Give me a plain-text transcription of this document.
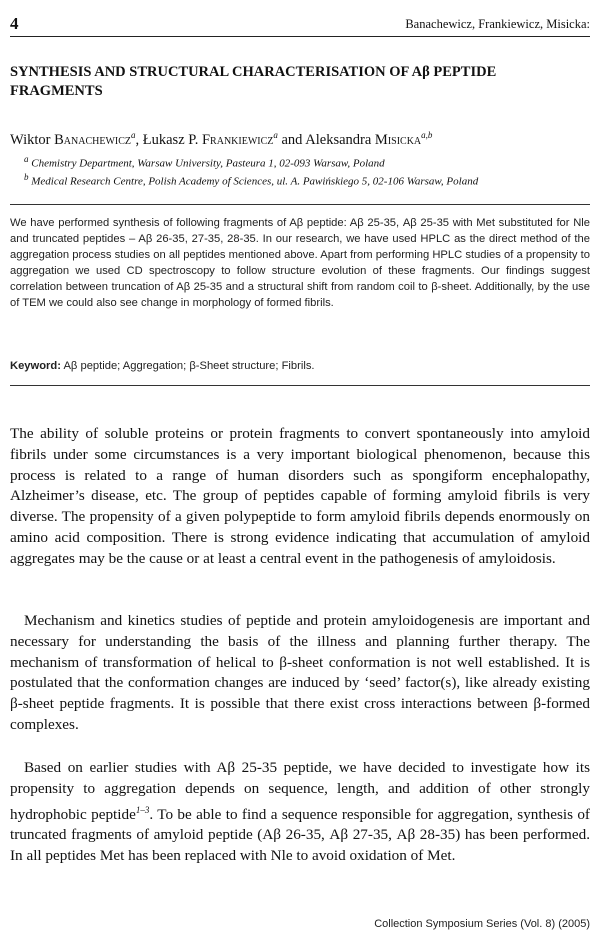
4	Banachewicz, Frankiewicz, Misicka:
SYNTHESIS AND STRUCTURAL CHARACTERISATION OF Aβ PEPTIDE FRAGMENTS
Wiktor Banachewicz$^a$, Łukasz P. Frankiewicz$^a$ and Aleksandra Misicka$^{a,b}$
$^a$ Chemistry Department, Warsaw University, Pasteura 1, 02-093 Warsaw, Poland
$^b$ Medical Research Centre, Polish Academy of Sciences, ul. A. Pawińskiego 5, 02-106 Warsaw, Poland

We have performed synthesis of following fragments of Aβ peptide: Aβ 25-35, Aβ 25-35 with Met substituted for Nle and truncated peptides – Aβ 26-35, 27-35, 28-35. In our research, we have used HPLC as the direct method of the aggregation process studies on all peptides mentioned above. Apart from performing HPLC studies of a propensity to aggregation we used CD spectroscopy to follow structure evolution of these fragments. Our findings suggest correlation between truncation of Aβ 25-35 and a structural shift from random coil to β-sheet. Additionally, by the use of TEM we could also see change in morphology of formed fibrils.

Keyword: Aβ peptide; Aggregation; β-Sheet structure; Fibrils.

The ability of soluble proteins or protein fragments to convert spontaneously into amyloid fibrils under some circumstances is a very important biological phenomenon, because this process is related to a range of human disorders such as spongiform encephalopathy, Alzheimer’s disease, etc. The group of peptides capable of forming amyloid fibrils is very diverse. The propensity of a given polypeptide to form amyloid fibrils depends enormously on amino acid composition. There is strong evidence indicating that accumulation of amyloid aggregates may be the cause or at least a central event in the pathogenesis of amyloidosis.

Mechanism and kinetics studies of peptide and protein amyloidogenesis are important and necessary for understanding the basis of the illness and planning further therapy. The mechanism of transformation of helical to β-sheet conformation is not well established. It is postulated that the conformation changes are induced by ‘seed’ factor(s), like already existing β-sheet peptide fragments. It is possible that there exist cross interactions between β-formed complexes.

Based on earlier studies with Aβ 25-35 peptide, we have decided to investigate how its propensity to aggregation depends on sequence, length, and addition of other strongly hydrophobic peptide$^{1-3}$. To be able to find a sequence responsible for aggregation, synthesis of truncated fragments of amyloid peptide (Aβ 26-35, Aβ 27-35, Aβ 28-35) has been performed. In all peptides Met has been replaced with Nle to avoid oxidation of Met.

Collection Symposium Series (Vol. 8) (2005)
